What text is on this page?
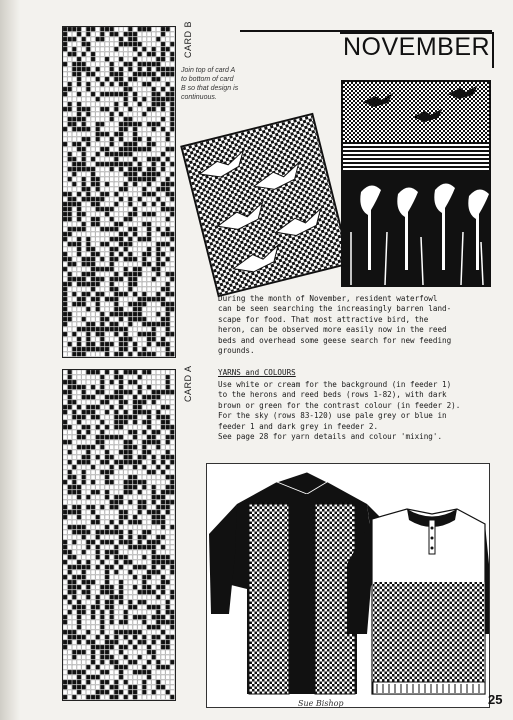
CARD B
Join top of card A to bottom of card B so that design is continuous.
CARD A
NOVEMBER
During the month of November, resident waterfowl
can be seen searching the increasingly barren land-
scape for food. That most attractive bird, the
heron, can be observed more easily now in the reed
beds and overhead some geese search for new feeding
grounds.
YARNS and COLOURS
Use white or cream for the background (in feeder 1)
to the herons and reed beds (rows 1-82), with dark
brown or green for the contrast colour (in feeder 2).
For the sky (rows 83-120) use pale grey or blue in
feeder 1 and dark grey in feeder 2.
See page 28 for yarn details and colour 'mixing'.
Sue Bishop	25
